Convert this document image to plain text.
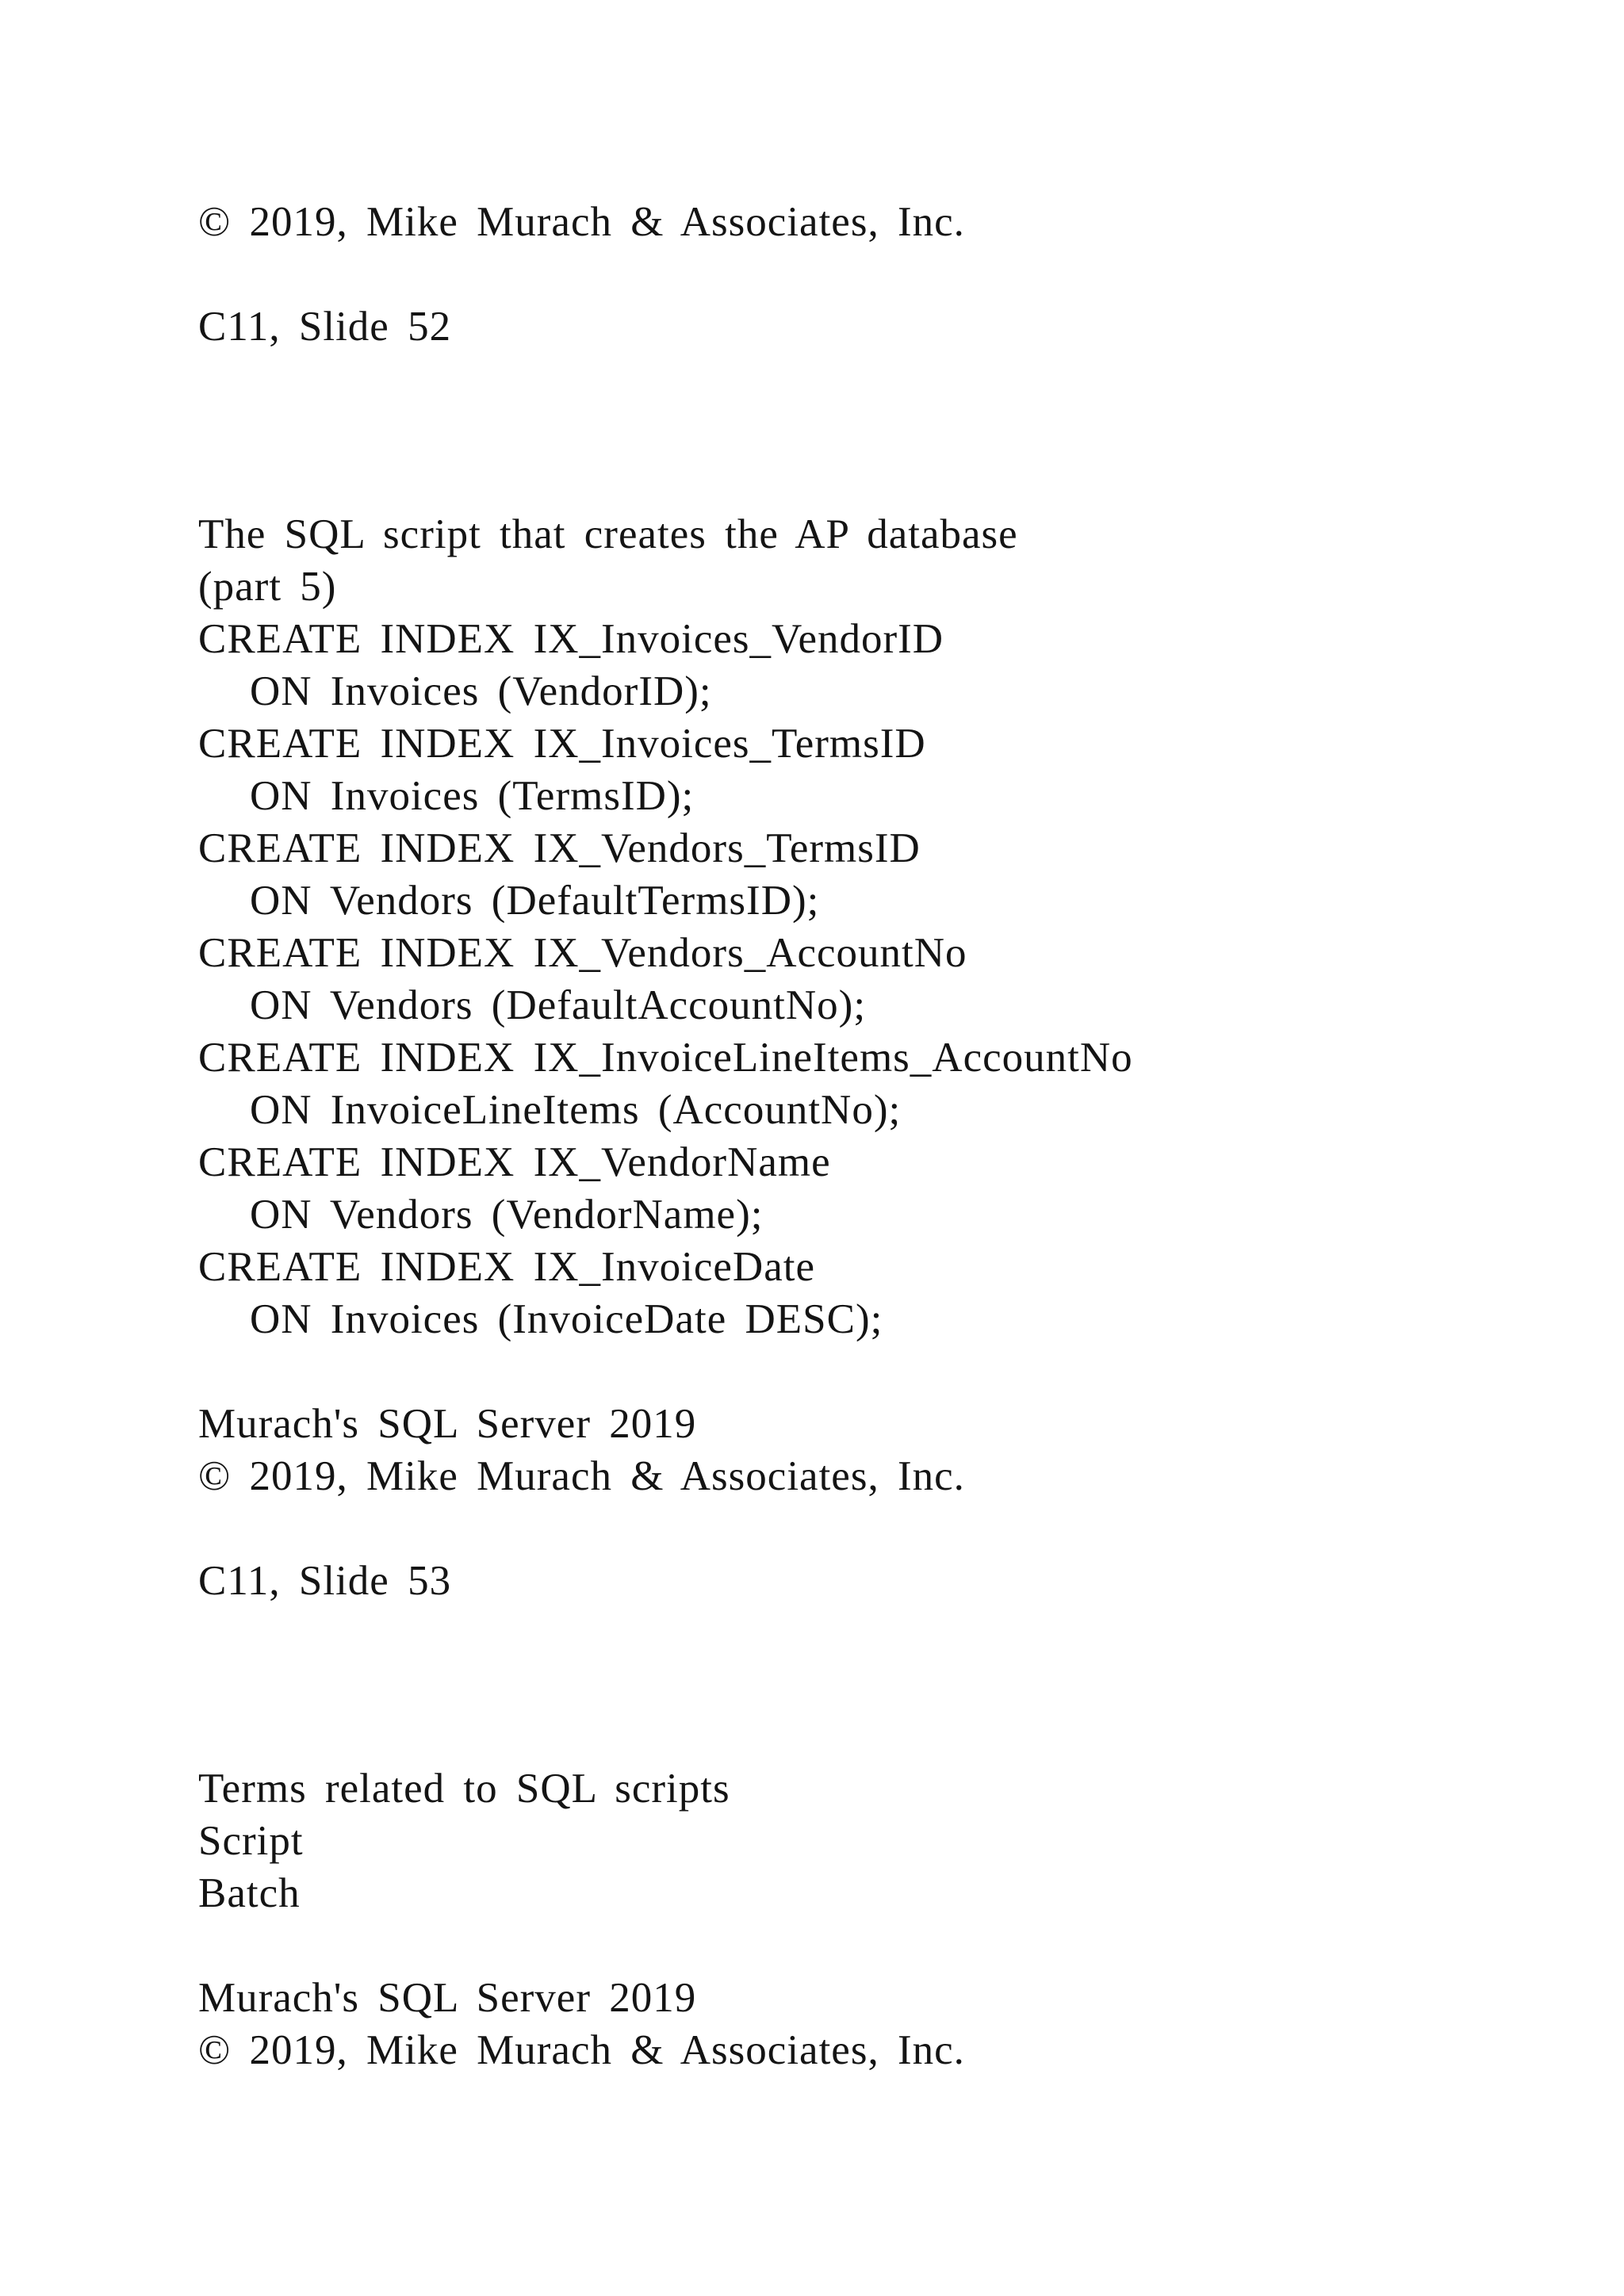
© 2019, Mike Murach & Associates, Inc.

C11, Slide 52

The SQL script that creates the AP database

(part 5)

CREATE INDEX IX_Invoices_VendorID

ON Invoices (VendorID);

CREATE INDEX IX_Invoices_TermsID

ON Invoices (TermsID);

CREATE INDEX IX_Vendors_TermsID

ON Vendors (DefaultTermsID);

CREATE INDEX IX_Vendors_AccountNo

ON Vendors (DefaultAccountNo);

CREATE INDEX IX_InvoiceLineItems_AccountNo

ON InvoiceLineItems (AccountNo);

CREATE INDEX IX_VendorName

ON Vendors (VendorName);

CREATE INDEX IX_InvoiceDate

ON Invoices (InvoiceDate DESC);

Murach's SQL Server 2019

© 2019, Mike Murach & Associates, Inc.

C11, Slide 53

Terms related to SQL scripts

Script

Batch

Murach's SQL Server 2019

© 2019, Mike Murach & Associates, Inc.
